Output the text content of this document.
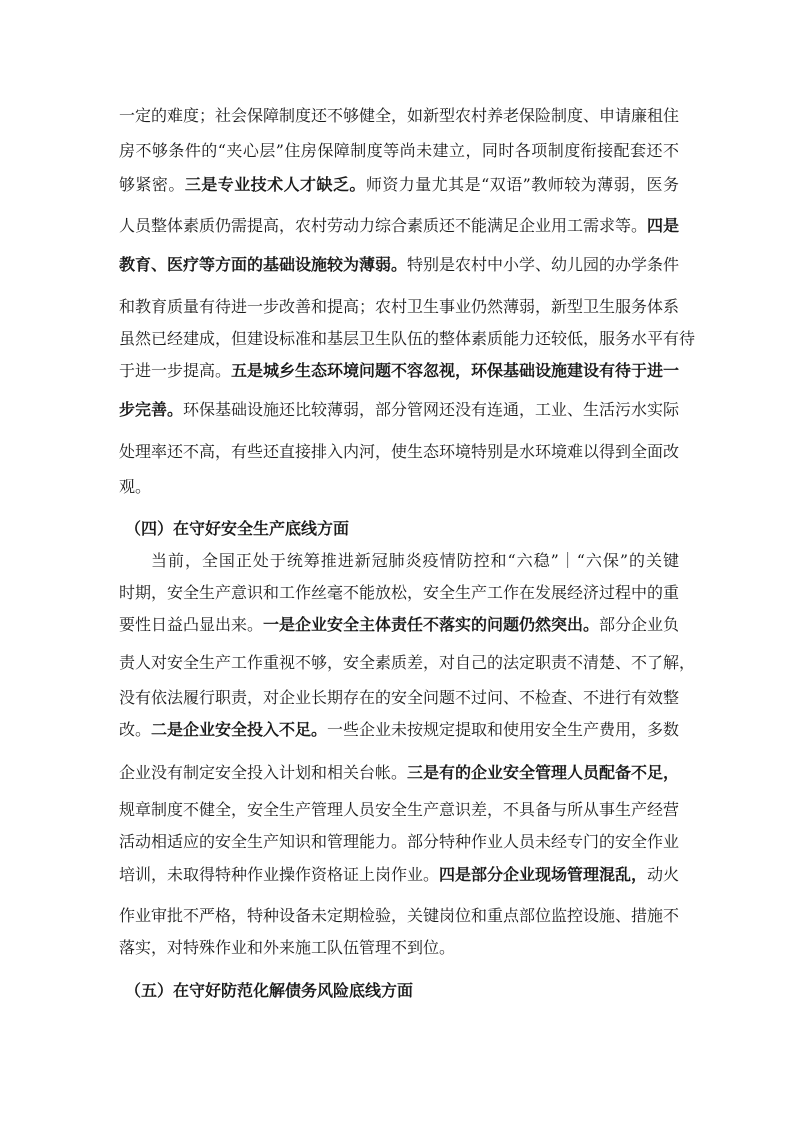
一定的难度；社会保障制度还不够健全，如新型农村养老保险制度、申请廉租住
房不够条件的“夹心层”住房保障制度等尚未建立，同时各项制度衔接配套还不
够紧密。三是专业技术人才缺乏。师资力量尤其是“双语”教师较为薄弱，医务
人员整体素质仍需提高，农村劳动力综合素质还不能满足企业用工需求等。四是
教育、医疗等方面的基础设施较为薄弱。特别是农村中小学、幼儿园的办学条件
和教育质量有待进一步改善和提高；农村卫生事业仍然薄弱，新型卫生服务体系
虽然已经建成，但建设标准和基层卫生队伍的整体素质能力还较低，服务水平有待
于进一步提高。五是城乡生态环境问题不容忽视，环保基础设施建设有待于进一
步完善。环保基础设施还比较薄弱，部分管网还没有连通，工业、生活污水实际
处理率还不高，有些还直接排入内河，使生态环境特别是水环境难以得到全面改
观。
（四）在守好安全生产底线方面
当前，全国正处于统筹推进新冠肺炎疫情防控和“六稳”｜“六保”的关键
时期，安全生产意识和工作丝毫不能放松，安全生产工作在发展经济过程中的重
要性日益凸显出来。一是企业安全主体责任不落实的问题仍然突出。部分企业负
责人对安全生产工作重视不够，安全素质差，对自己的法定职责不清楚、不了解，
没有依法履行职责，对企业长期存在的安全问题不过问、不检查、不进行有效整
改。二是企业安全投入不足。一些企业未按规定提取和使用安全生产费用，多数
企业没有制定安全投入计划和相关台帐。三是有的企业安全管理人员配备不足，
规章制度不健全，安全生产管理人员安全生产意识差，不具备与所从事生产经营
活动相适应的安全生产知识和管理能力。部分特种作业人员未经专门的安全作业
培训，未取得特种作业操作资格证上岗作业。四是部分企业现场管理混乱，动火
作业审批不严格，特种设备未定期检验，关键岗位和重点部位监控设施、措施不
落实，对特殊作业和外来施工队伍管理不到位。
（五）在守好防范化解债务风险底线方面
